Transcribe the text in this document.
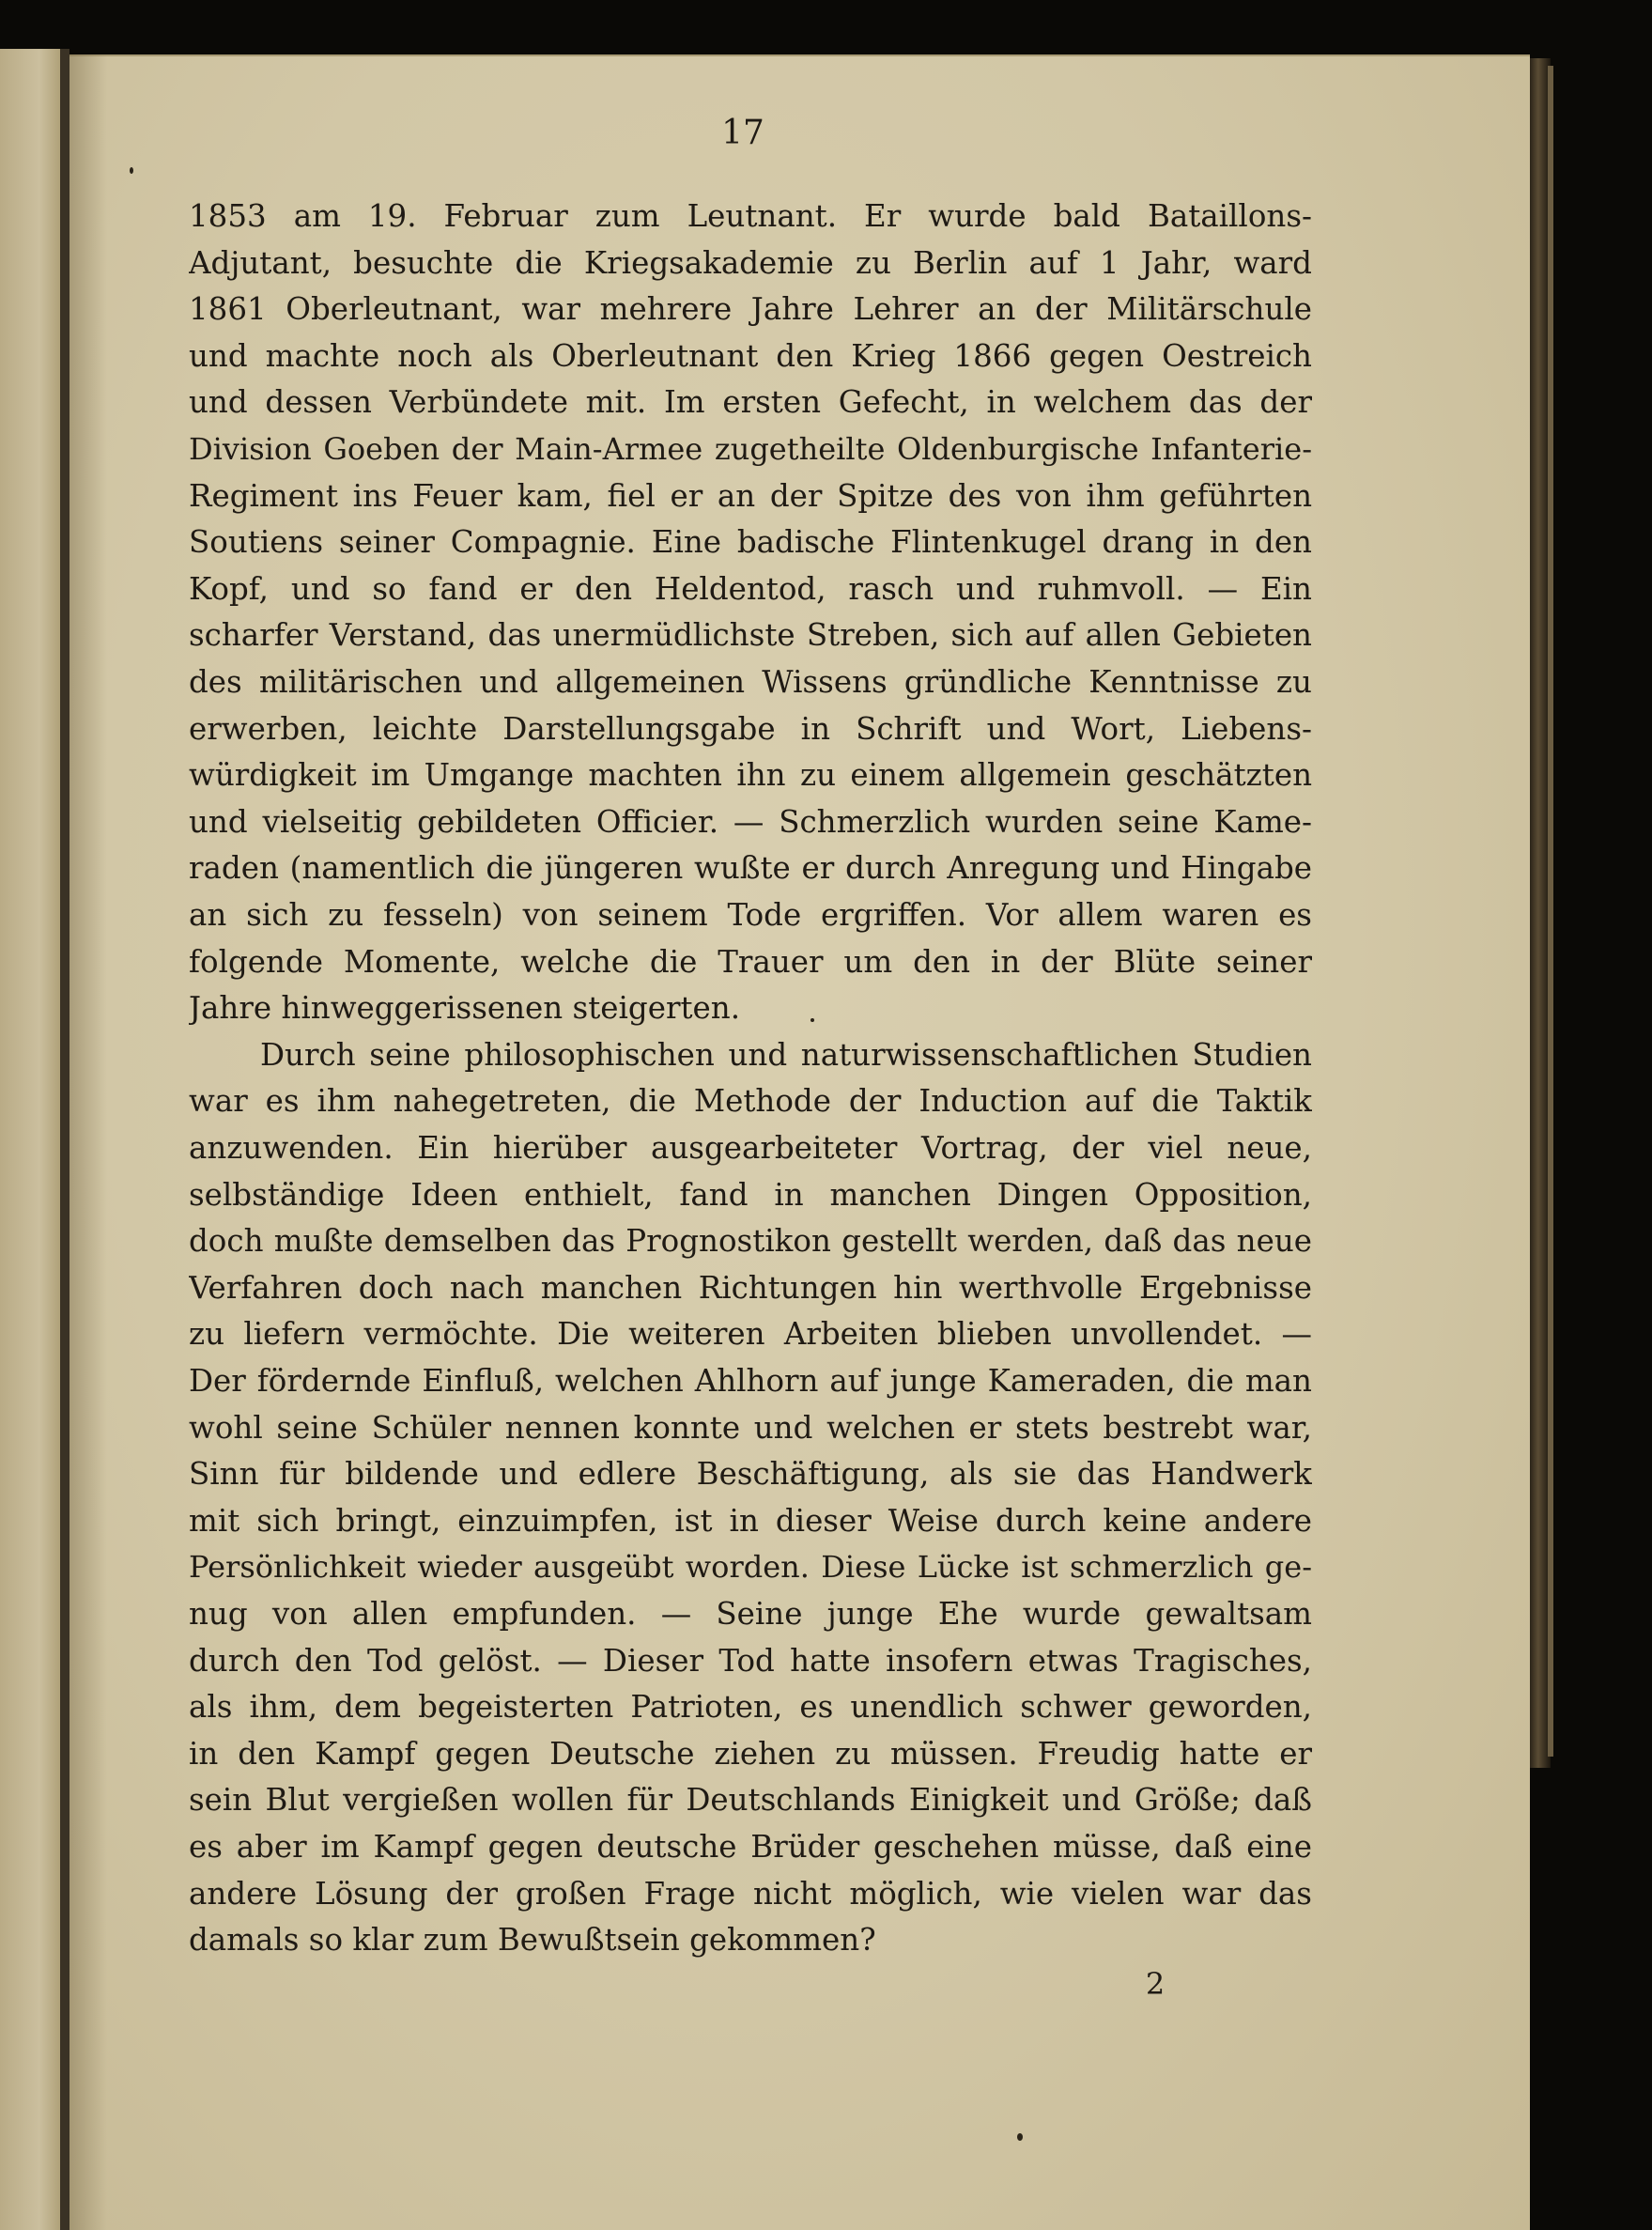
17
1853 am 19. Februar zum Leutnant. Er wurde bald Bataillons-
Adjutant, besuchte die Kriegsakademie zu Berlin auf 1 Jahr, ward
1861 Oberleutnant, war mehrere Jahre Lehrer an der Militärschule
und machte noch als Oberleutnant den Krieg 1866 gegen Oestreich
und dessen Verbündete mit. Im ersten Gefecht, in welchem das der
Division Goeben der Main-Armee zugetheilte Oldenburgische Infanterie-
Regiment ins Feuer kam, fiel er an der Spitze des von ihm geführten
Soutiens seiner Compagnie. Eine badische Flintenkugel drang in den
Kopf, und so fand er den Heldentod, rasch und ruhmvoll. — Ein
scharfer Verstand, das unermüdlichste Streben, sich auf allen Gebieten
des militärischen und allgemeinen Wissens gründliche Kenntnisse zu
erwerben, leichte Darstellungsgabe in Schrift und Wort, Liebens-
würdigkeit im Umgange machten ihn zu einem allgemein geschätzten
und vielseitig gebildeten Officier. — Schmerzlich wurden seine Kame-
raden (namentlich die jüngeren wußte er durch Anregung und Hingabe
an sich zu fesseln) von seinem Tode ergriffen. Vor allem waren es
folgende Momente, welche die Trauer um den in der Blüte seiner
Jahre hinweggerissenen steigerten.
Durch seine philosophischen und naturwissenschaftlichen Studien
war es ihm nahegetreten, die Methode der Induction auf die Taktik
anzuwenden. Ein hierüber ausgearbeiteter Vortrag, der viel neue,
selbständige Ideen enthielt, fand in manchen Dingen Opposition,
doch mußte demselben das Prognostikon gestellt werden, daß das neue
Verfahren doch nach manchen Richtungen hin werthvolle Ergebnisse
zu liefern vermöchte. Die weiteren Arbeiten blieben unvollendet. —
Der fördernde Einfluß, welchen Ahlhorn auf junge Kameraden, die man
wohl seine Schüler nennen konnte und welchen er stets bestrebt war,
Sinn für bildende und edlere Beschäftigung, als sie das Handwerk
mit sich bringt, einzuimpfen, ist in dieser Weise durch keine andere
Persönlichkeit wieder ausgeübt worden. Diese Lücke ist schmerzlich ge-
nug von allen empfunden. — Seine junge Ehe wurde gewaltsam
durch den Tod gelöst. — Dieser Tod hatte insofern etwas Tragisches,
als ihm, dem begeisterten Patrioten, es unendlich schwer geworden,
in den Kampf gegen Deutsche ziehen zu müssen. Freudig hatte er
sein Blut vergießen wollen für Deutschlands Einigkeit und Größe; daß
es aber im Kampf gegen deutsche Brüder geschehen müsse, daß eine
andere Lösung der großen Frage nicht möglich, wie vielen war das
damals so klar zum Bewußtsein gekommen?
2
